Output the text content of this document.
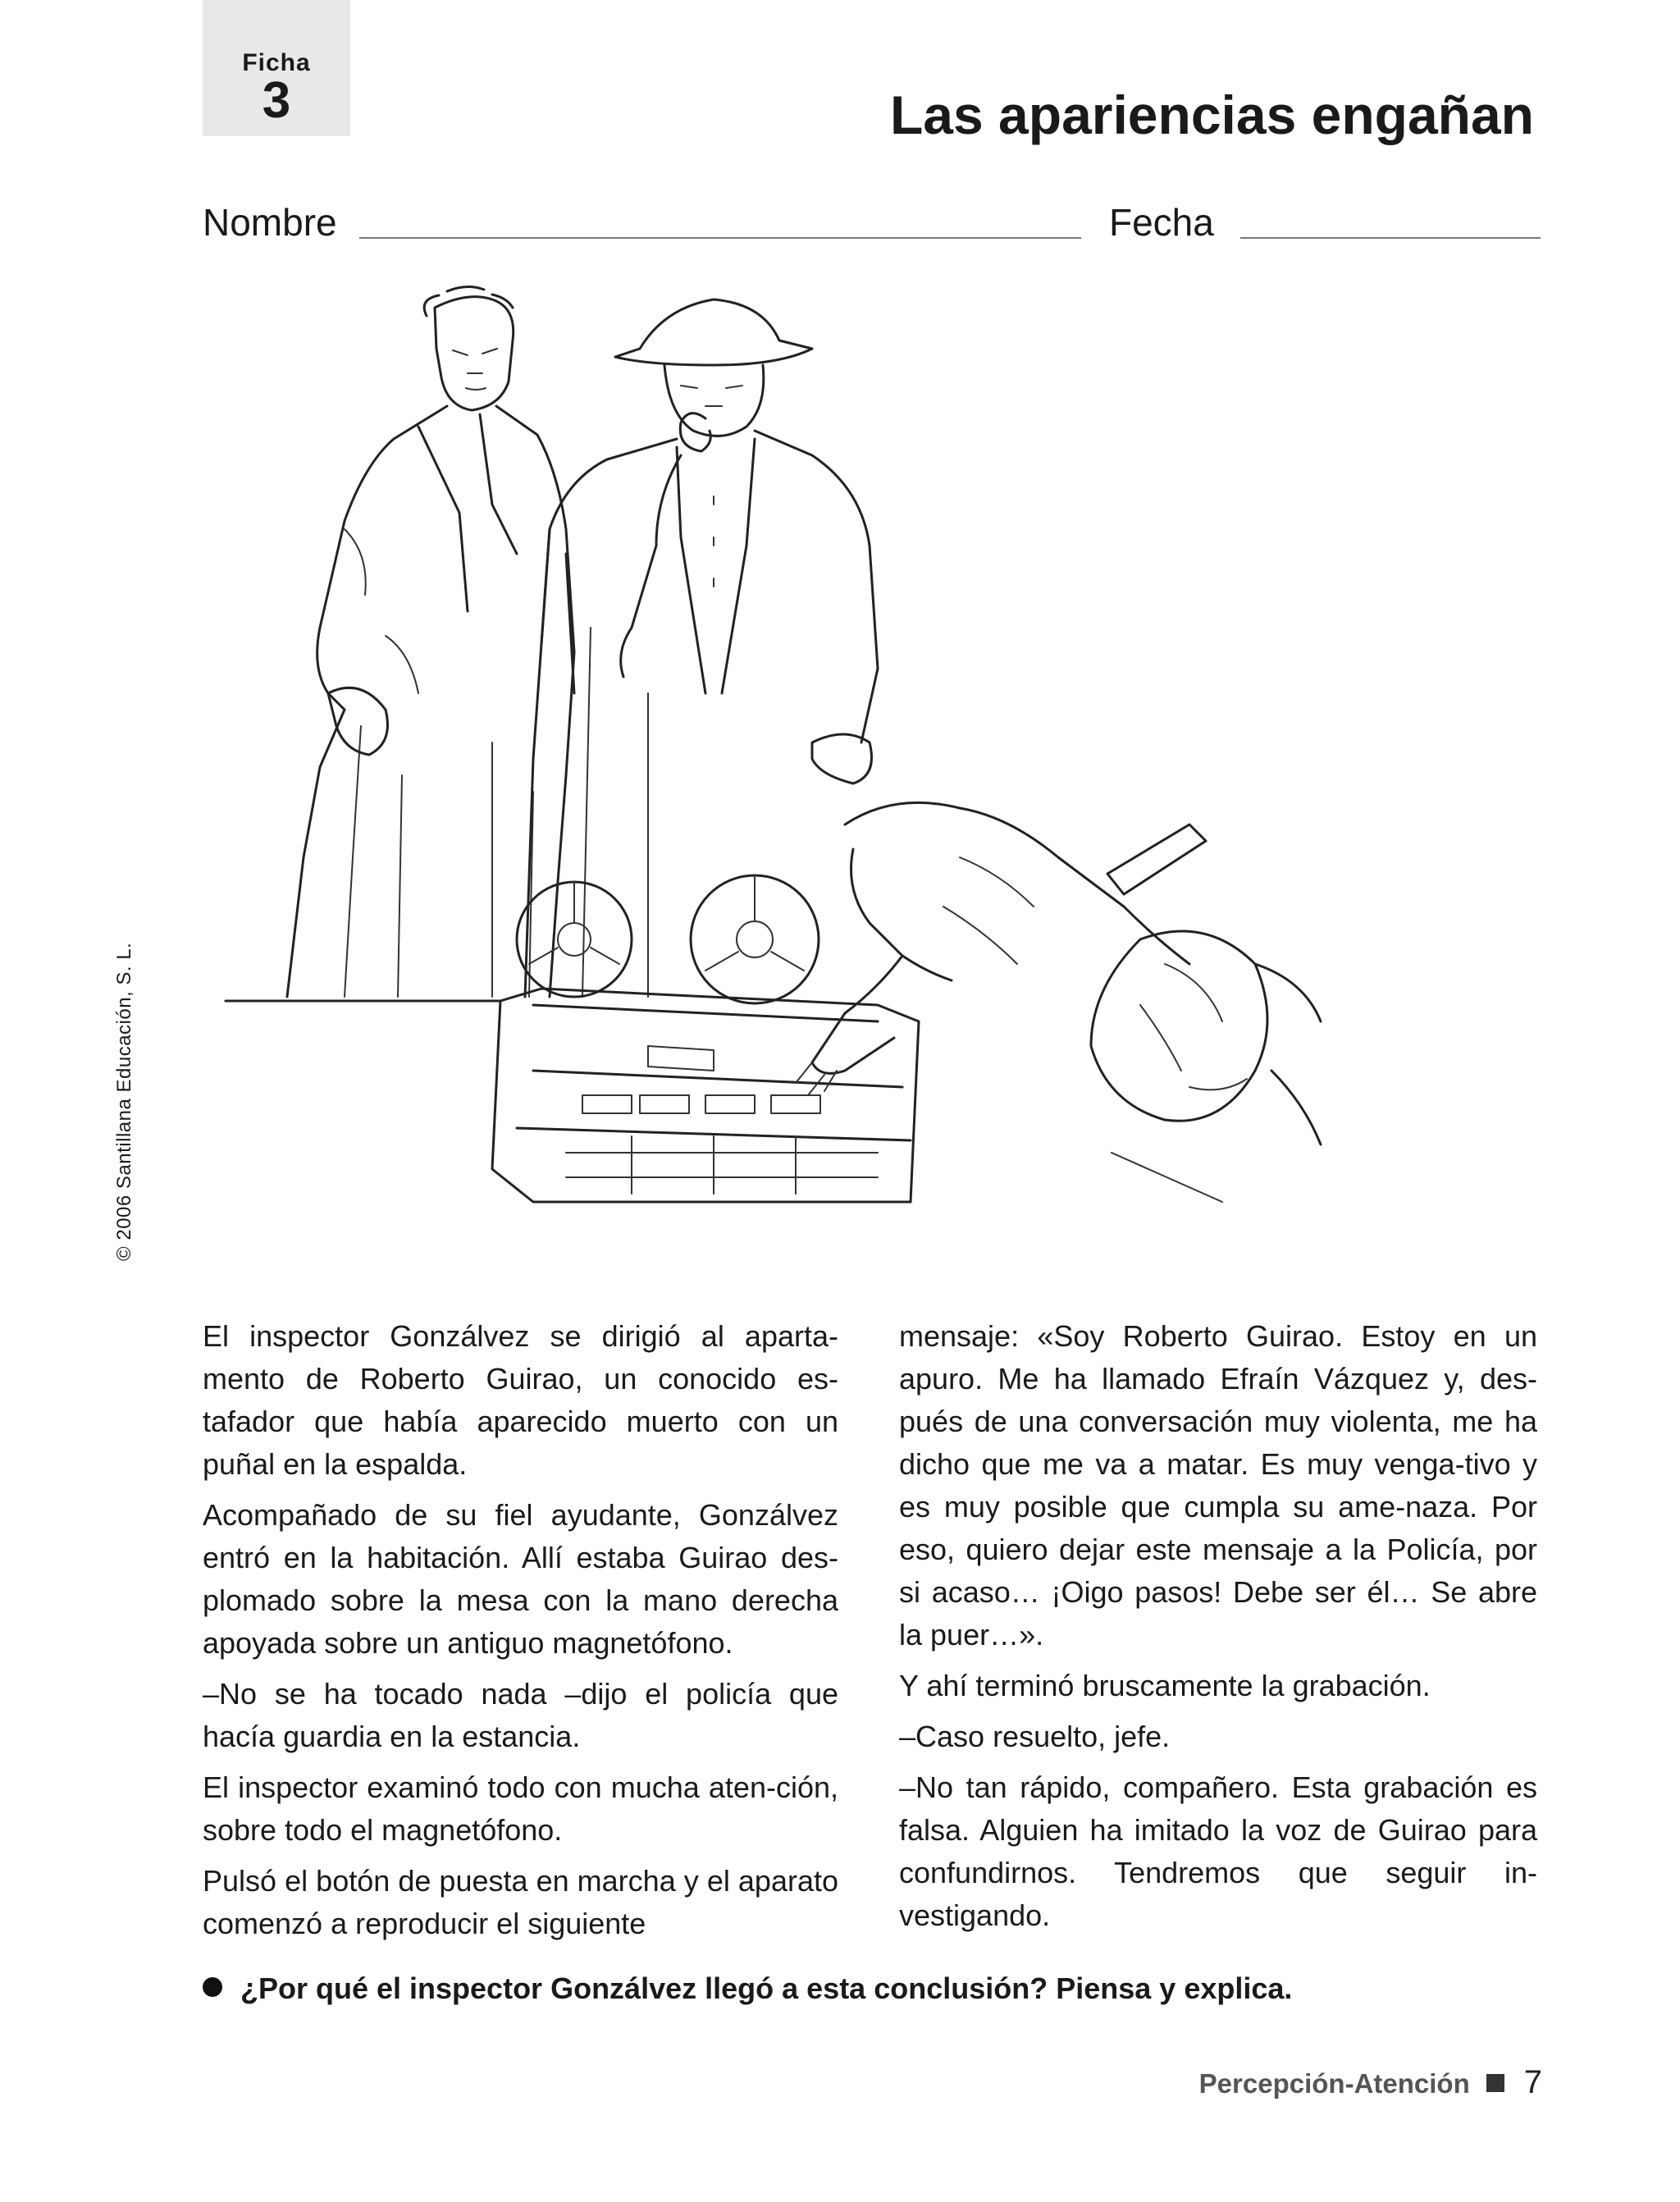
Ficha
3	Las apariencias engañan
Nombre	Fecha
© 2006 Santillana Educación, S. L.

El inspector Gonzálvez se dirigió al aparta-mento de Roberto Guirao, un conocido es-tafador que había aparecido muerto con un puñal en la espalda.

Acompañado de su fiel ayudante, Gonzálvez entró en la habitación. Allí estaba Guirao des-plomado sobre la mesa con la mano derecha apoyada sobre un antiguo magnetófono.

–No se ha tocado nada –dijo el policía que hacía guardia en la estancia.

El inspector examinó todo con mucha aten-ción, sobre todo el magnetófono.

Pulsó el botón de puesta en marcha y el aparato comenzó a reproducir el siguiente

mensaje: «Soy Roberto Guirao. Estoy en un apuro. Me ha llamado Efraín Vázquez y, des-pués de una conversación muy violenta, me ha dicho que me va a matar. Es muy venga-tivo y es muy posible que cumpla su ame-naza. Por eso, quiero dejar este mensaje a la Policía, por si acaso… ¡Oigo pasos! Debe ser él… Se abre la puer…».

Y ahí terminó bruscamente la grabación.

–Caso resuelto, jefe.

–No tan rápido, compañero. Esta grabación es falsa. Alguien ha imitado la voz de Guirao para confundirnos. Tendremos que seguir in-vestigando.

¿Por qué el inspector Gonzálvez llegó a esta conclusión? Piensa y explica.
Percepción-Atención 7
